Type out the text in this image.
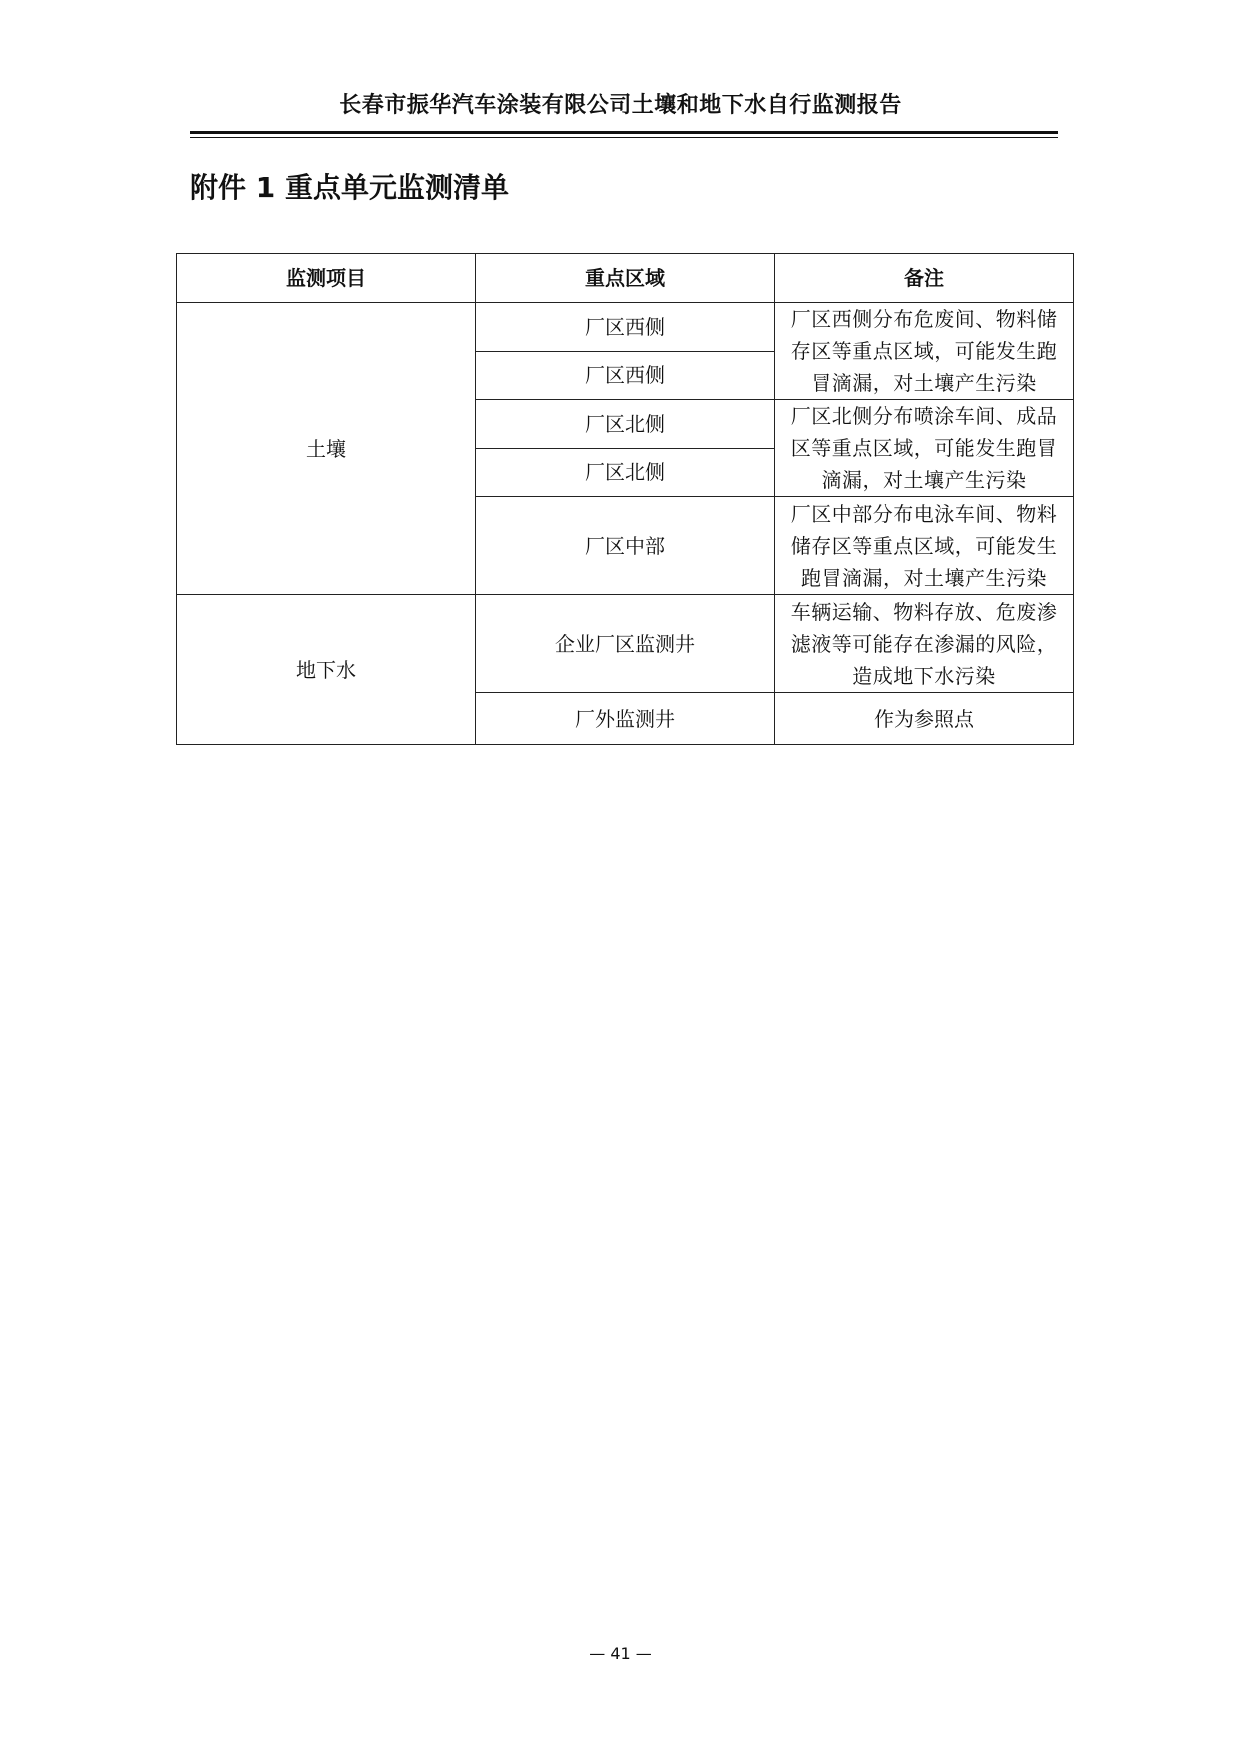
长春市振华汽车涂装有限公司土壤和地下水自行监测报告
附件 1 重点单元监测清单
监测项目	重点区域	备注
土壤	厂区西侧	厂区西侧分布危废间、物料储存区等重点区域，可能发生跑冒滴漏，对土壤产生污染
	厂区西侧	
	厂区北侧	厂区北侧分布喷涂车间、成品区等重点区域，可能发生跑冒滴漏，对土壤产生污染
	厂区北侧	
	厂区中部	厂区中部分布电泳车间、物料储存区等重点区域，可能发生跑冒滴漏，对土壤产生污染
地下水	企业厂区监测井	车辆运输、物料存放、危废渗滤液等可能存在渗漏的风险，造成地下水污染
	厂外监测井	作为参照点
— 41 —
